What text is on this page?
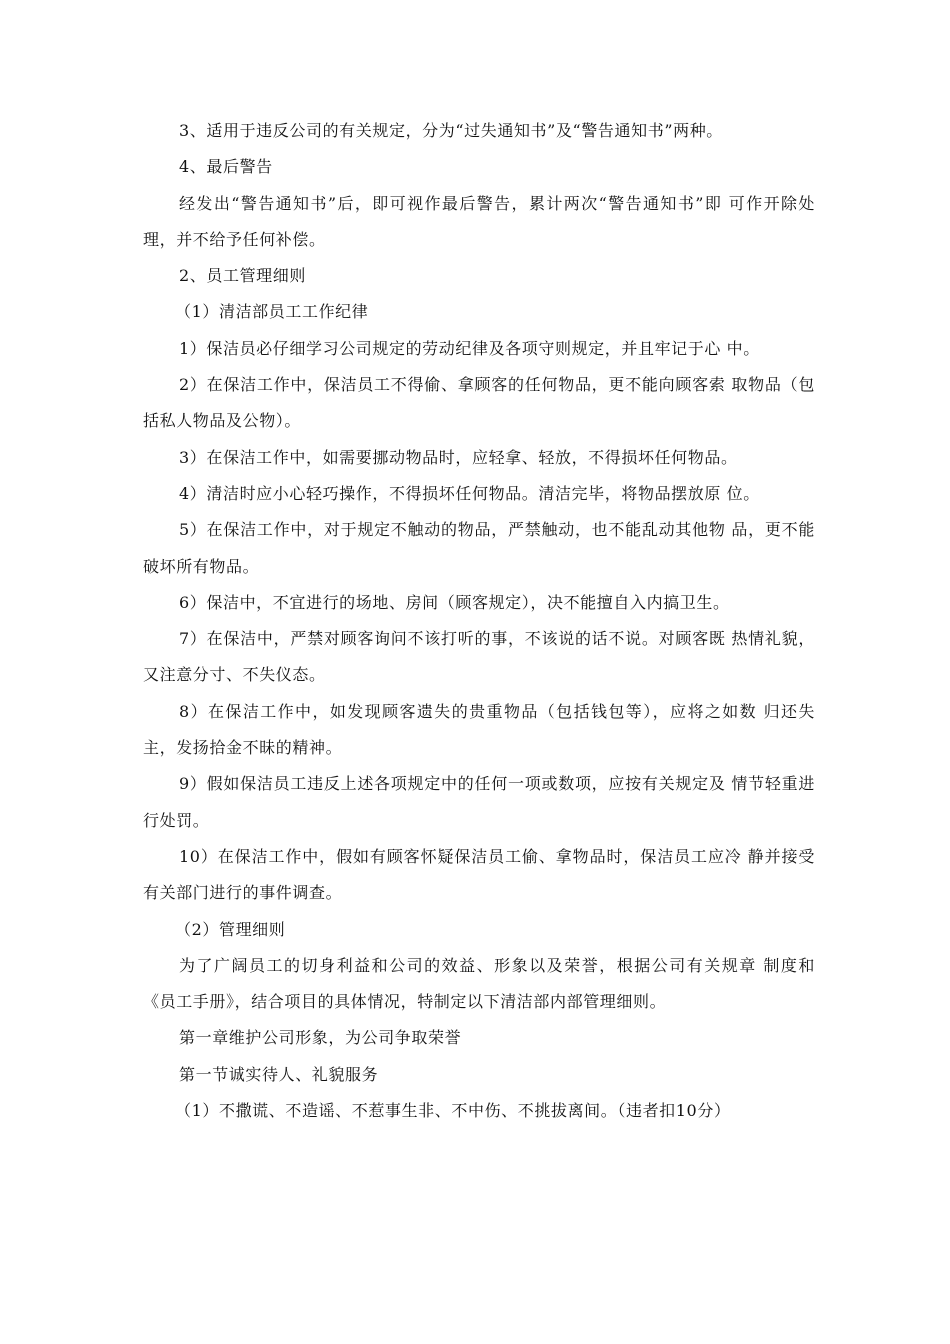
3、适用于违反公司的有关规定，分为“过失通知书”及“警告通知书”两种。

4、最后警告

经发出“警告通知书”后，即可视作最后警告，累计两次“警告通知书”即 可作开除处理，并不给予任何补偿。

2、员工管理细则

（1）清洁部员工工作纪律

1）保洁员必仔细学习公司规定的劳动纪律及各项守则规定，并且牢记于心 中。

2）在保洁工作中，保洁员工不得偷、拿顾客的任何物品，更不能向顾客索 取物品（包括私人物品及公物）。

3）在保洁工作中，如需要挪动物品时，应轻拿、轻放，不得损坏任何物品。

4）清洁时应小心轻巧操作，不得损坏任何物品。清洁完毕，将物品摆放原 位。

5）在保洁工作中，对于规定不触动的物品，严禁触动，也不能乱动其他物 品，更不能破坏所有物品。

6）保洁中，不宜进行的场地、房间（顾客规定），决不能擅自入内搞卫生。

7）在保洁中，严禁对顾客询问不该打听的事，不该说的话不说。对顾客既 热情礼貌，又注意分寸、不失仪态。

8）在保洁工作中，如发现顾客遗失的贵重物品（包括钱包等），应将之如数 归还失主，发扬拾金不昧的精神。

9）假如保洁员工违反上述各项规定中的任何一项或数项，应按有关规定及 情节轻重进行处罚。

10）在保洁工作中，假如有顾客怀疑保洁员工偷、拿物品时，保洁员工应冷 静并接受有关部门进行的事件调查。

（2）管理细则

为了广阔员工的切身利益和公司的效益、形象以及荣誉，根据公司有关规章 制度和《员工手册》，结合项目的具体情况，特制定以下清洁部内部管理细则。

第一章维护公司形象，为公司争取荣誉

第一节诚实待人、礼貌服务

（1）不撒谎、不造谣、不惹事生非、不中伤、不挑拔离间。（违者扣10分）
